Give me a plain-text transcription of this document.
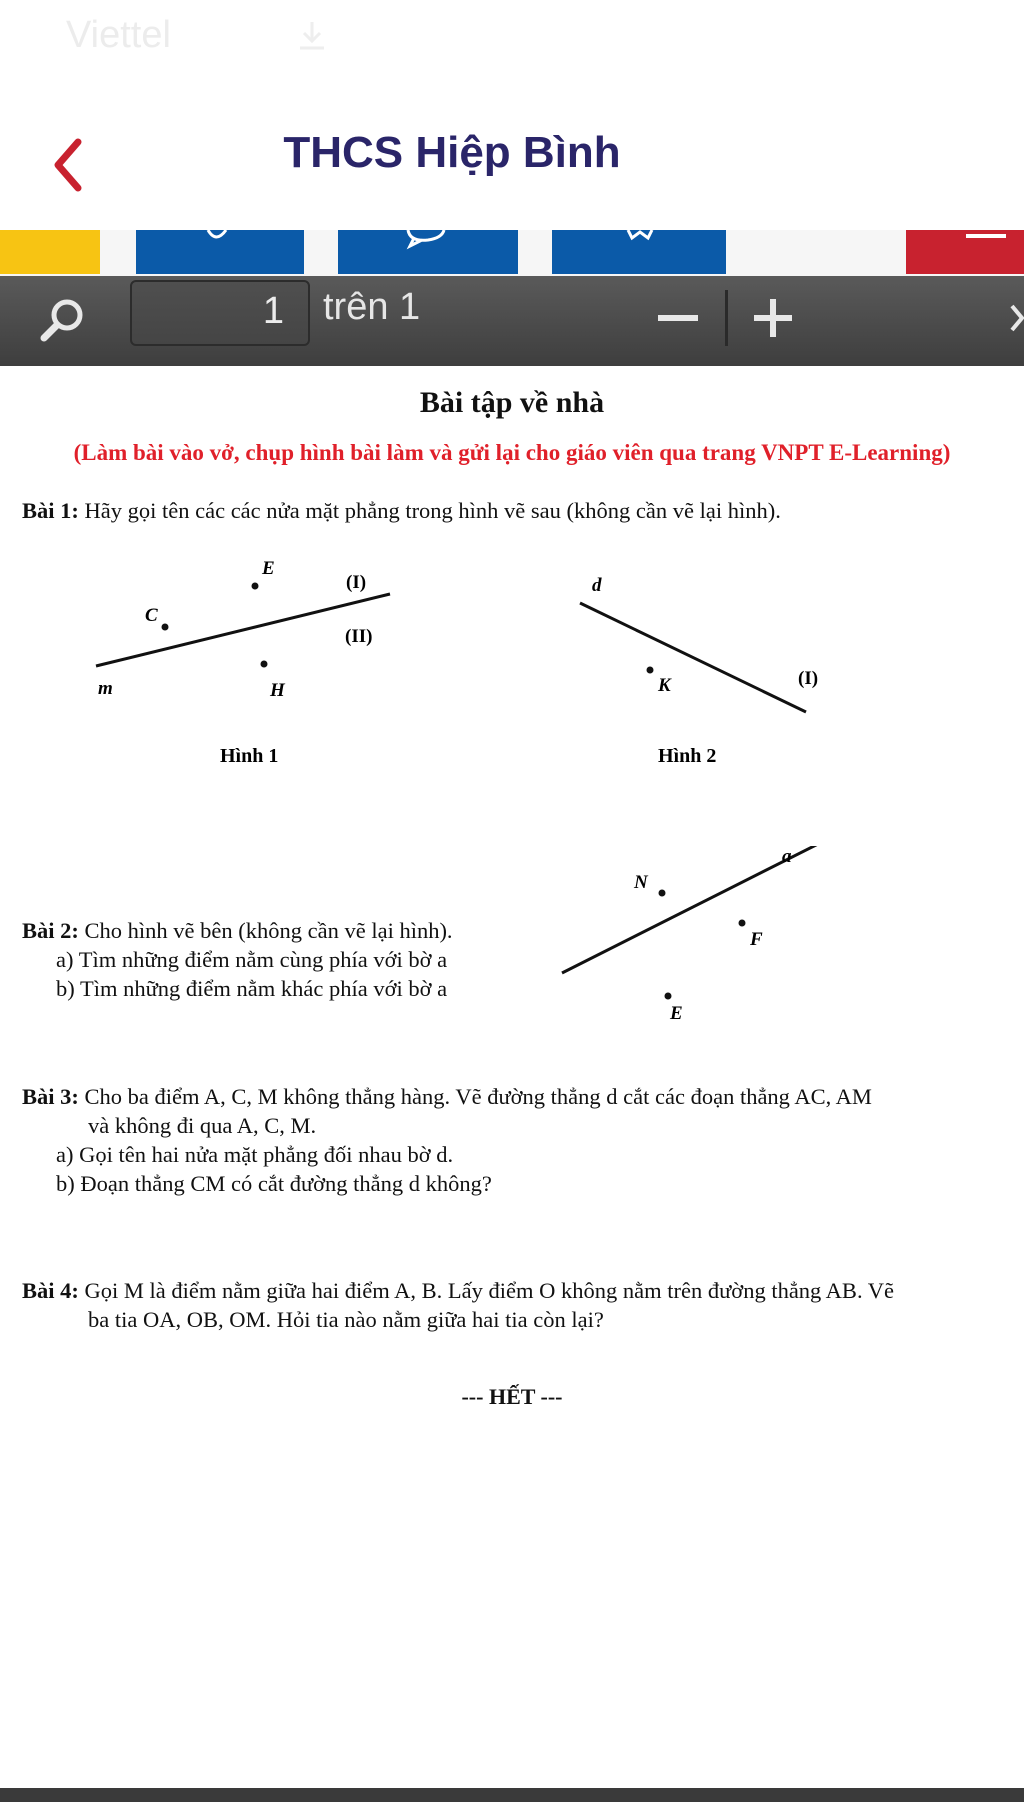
Viettel
THCS Hiệp Bình
1	trên 1
Bài tập về nhà
(Làm bài vào vở, chụp hình bài làm và gửi lại cho giáo viên qua trang VNPT E-Learning)
Bài 1: Hãy gọi tên các các nửa mặt phẳng trong hình vẽ sau (không cần vẽ lại hình).
E
(I)
C
(II)
m	H
Hình 1
d
K	(I)
Hình 2
Bài 2: Cho hình vẽ bên (không cần vẽ lại hình).
a) Tìm những điểm nằm cùng phía với bờ a
b) Tìm những điểm nằm khác phía với bờ a
a
N
F
E
Bài 3: Cho ba điểm A, C, M không thẳng hàng. Vẽ đường thẳng d cắt các đoạn thẳng AC, AM
và không đi qua A, C, M.
a) Gọi tên hai nửa mặt phẳng đối nhau bờ d.
b) Đoạn thẳng CM có cắt đường thẳng d không?
Bài 4: Gọi M là điểm nằm giữa hai điểm A, B. Lấy điểm O không nằm trên đường thẳng AB. Vẽ
ba tia OA, OB, OM. Hỏi tia nào nằm giữa hai tia còn lại?
--- HẾT ---
